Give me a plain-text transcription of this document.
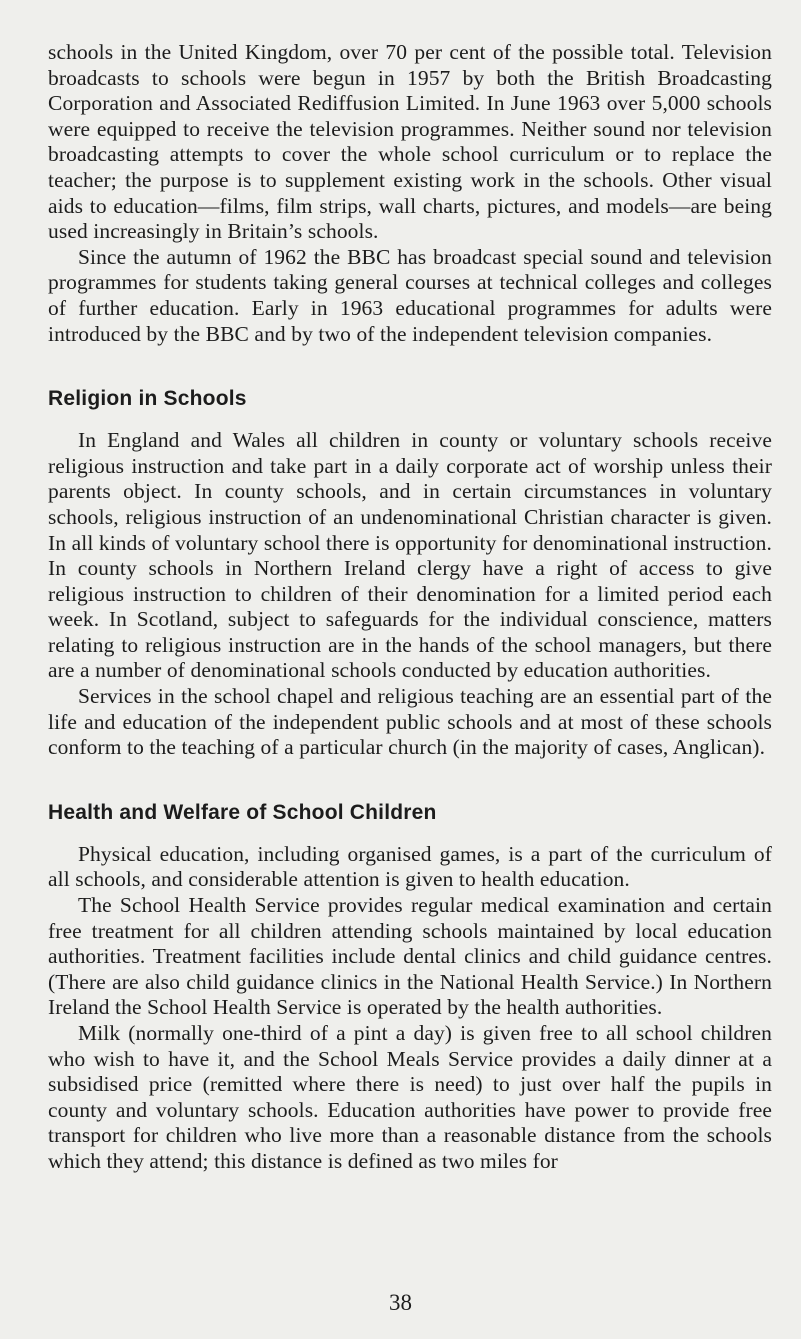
schools in the United Kingdom, over 70 per cent of the possible total. Television broadcasts to schools were begun in 1957 by both the British Broadcasting Corporation and Associated Rediffusion Limited. In June 1963 over 5,000 schools were equipped to receive the television programmes. Neither sound nor television broadcasting attempts to cover the whole school curriculum or to replace the teacher; the purpose is to supplement existing work in the schools. Other visual aids to education—films, film strips, wall charts, pictures, and models—are being used increasingly in Britain’s schools.

Since the autumn of 1962 the BBC has broadcast special sound and television programmes for students taking general courses at technical colleges and colleges of further education. Early in 1963 educational programmes for adults were introduced by the BBC and by two of the independent television companies.

Religion in Schools

In England and Wales all children in county or voluntary schools receive religious instruction and take part in a daily corporate act of worship unless their parents object. In county schools, and in certain circumstances in voluntary schools, religious instruction of an undenominational Christian character is given. In all kinds of voluntary school there is opportunity for denominational instruction. In county schools in Northern Ireland clergy have a right of access to give religious instruction to children of their denomination for a limited period each week. In Scotland, subject to safeguards for the individual conscience, matters relating to religious instruction are in the hands of the school managers, but there are a number of denominational schools conducted by education authorities.

Services in the school chapel and religious teaching are an essential part of the life and education of the independent public schools and at most of these schools conform to the teaching of a particular church (in the majority of cases, Anglican).

Health and Welfare of School Children

Physical education, including organised games, is a part of the curriculum of all schools, and considerable attention is given to health education.

The School Health Service provides regular medical examination and certain free treatment for all children attending schools maintained by local education authorities. Treatment facilities include dental clinics and child guidance centres. (There are also child guidance clinics in the National Health Service.) In Northern Ireland the School Health Service is operated by the health authorities.

Milk (normally one-third of a pint a day) is given free to all school children who wish to have it, and the School Meals Service provides a daily dinner at a subsidised price (remitted where there is need) to just over half the pupils in county and voluntary schools. Education authorities have power to provide free transport for children who live more than a reasonable distance from the schools which they attend; this distance is defined as two miles for

38
